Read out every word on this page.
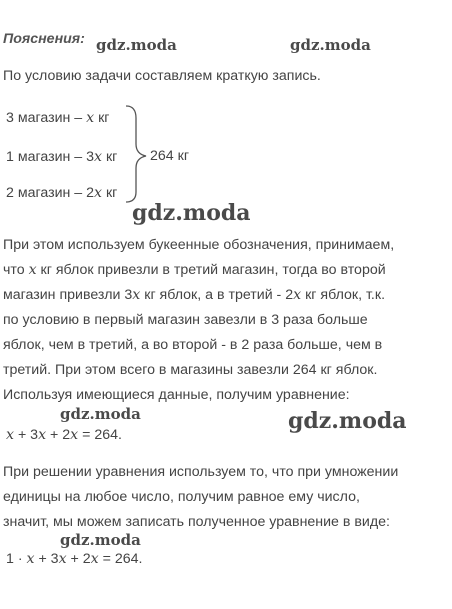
Пояснения: gdz.moda	gdz.moda
По условию задачи составляем краткую запись.
3 магазин – x кг
1 магазин – 3x кг
2 магазин – 2x кг
264 кг
gdz.moda
При этом используем букеенные обозначения, принимаем,
что x кг яблок привезли в третий магазин, тогда во второй
магазин привезли 3x кг яблок, а в третий - 2x кг яблок, т.к.
по условию в первый магазин завезли в 3 раза больше
яблок, чем в третий, а во второй - в 2 раза больше, чем в
третий. При этом всего в магазины завезли 264 кг яблок.
Используя имеющиеся данные, получим уравнение:
gdz.moda	gdz.moda
x + 3x + 2x = 264.
При решении уравнения используем то, что при умножении
единицы на любое число, получим равное ему число,
значит, мы можем записать полученное уравнение в виде:
gdz.moda
1 · x + 3x + 2x = 264.
